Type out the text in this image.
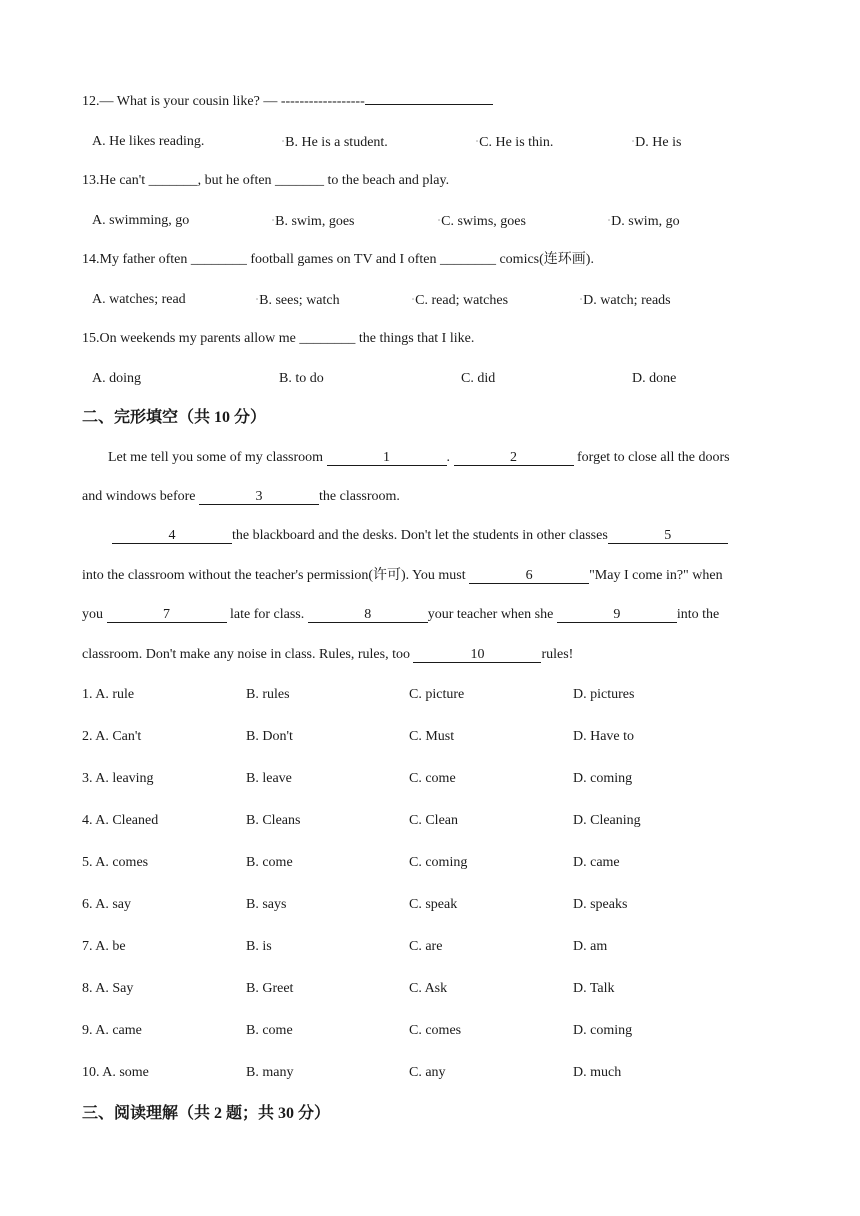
12.— What is your cousin like? — ------------------
A. He likes reading.	▫B. He is a student.	▫C. He is thin.	▫D. He is
13.He can't _______, but he often _______ to the beach and play.
A. swimming, go	▫B. swim, goes	▫C. swims, goes	▫D. swim, go
14.My father often ________ football games on TV and I often ________ comics(连环画).
A. watches; read	▫B. sees; watch	▫C. read; watches	▫D. watch; reads
15.On weekends my parents allow me ________ the things that I like.
A. doing	B. to do	C. did	D. done
二、完形填空（共 10 分）
Let me tell you some of my classroom	1	.	2	forget to close all the doors
and windows before	3	the classroom.
4	the blackboard and the desks. Don't let the students in other classes	5
into the classroom without the teacher's permission(许可). You must	6	"May I come in?" when
you	7	late for class.	8	your teacher when she	9	into the
classroom. Don't make any noise in class. Rules, rules, too	10	rules!
1. A. rule	B. rules	C. picture	D. pictures
2. A. Can't	B. Don't	C. Must	D. Have to
3. A. leaving	B. leave	C. come	D. coming
4. A. Cleaned	B. Cleans	C. Clean	D. Cleaning
5. A. comes	B. come	C. coming	D. came
6. A. say	B. says	C. speak	D. speaks
7. A. be	B. is	C. are	D. am
8. A. Say	B. Greet	C. Ask	D. Talk
9. A. came	B. come	C. comes	D. coming
10. A. some	B. many	C. any	D. much
三、阅读理解（共 2 题；共 30 分）
